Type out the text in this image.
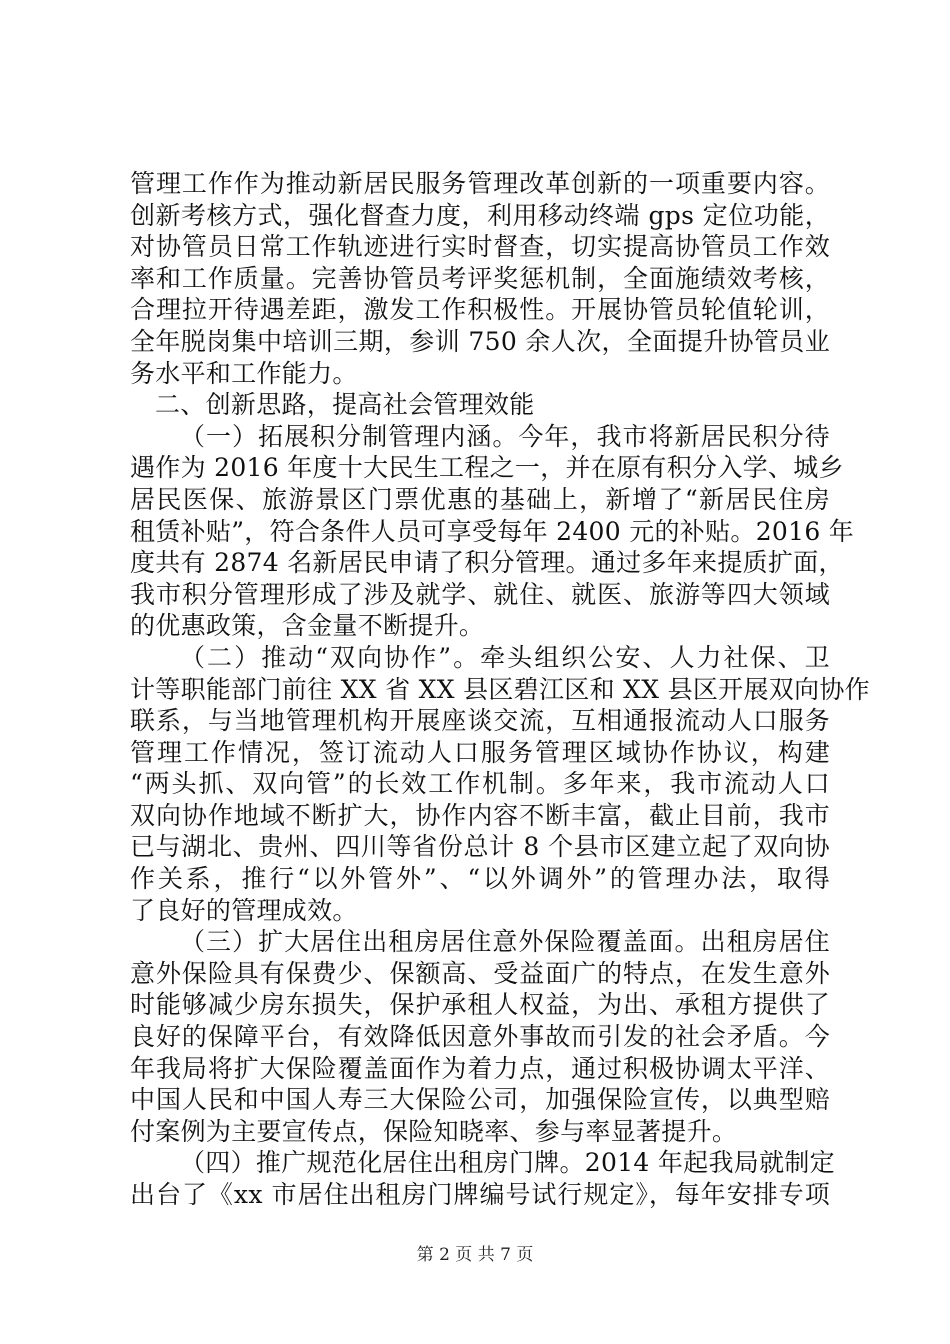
管理工作作为推动新居民服务管理改革创新的一项重要内容。
创新考核方式，强化督查力度，利用移动终端 gps 定位功能，
对协管员日常工作轨迹进行实时督查，切实提高协管员工作效
率和工作质量。完善协管员考评奖惩机制，全面施绩效考核，
合理拉开待遇差距，激发工作积极性。开展协管员轮值轮训，
全年脱岗集中培训三期，参训 750 余人次，全面提升协管员业
务水平和工作能力。
二、创新思路，提高社会管理效能
（一）拓展积分制管理内涵。今年，我市将新居民积分待
遇作为 2016 年度十大民生工程之一，并在原有积分入学、城乡
居民医保、旅游景区门票优惠的基础上，新增了“新居民住房
租赁补贴”，符合条件人员可享受每年 2400 元的补贴。2016 年
度共有 2874 名新居民申请了积分管理。通过多年来提质扩面，
我市积分管理形成了涉及就学、就住、就医、旅游等四大领域
的优惠政策，含金量不断提升。
（二）推动“双向协作”。牵头组织公安、人力社保、卫
计等职能部门前往 XX 省 XX 县区碧江区和 XX 县区开展双向协作
联系，与当地管理机构开展座谈交流，互相通报流动人口服务
管理工作情况，签订流动人口服务管理区域协作协议，构建
“两头抓、双向管”的长效工作机制。多年来，我市流动人口
双向协作地域不断扩大，协作内容不断丰富，截止目前，我市
已与湖北、贵州、四川等省份总计 8 个县市区建立起了双向协
作关系，推行“以外管外”、“以外调外”的管理办法，取得
了良好的管理成效。
（三）扩大居住出租房居住意外保险覆盖面。出租房居住
意外保险具有保费少、保额高、受益面广的特点，在发生意外
时能够减少房东损失，保护承租人权益，为出、承租方提供了
良好的保障平台，有效降低因意外事故而引发的社会矛盾。今
年我局将扩大保险覆盖面作为着力点，通过积极协调太平洋、
中国人民和中国人寿三大保险公司，加强保险宣传，以典型赔
付案例为主要宣传点，保险知晓率、参与率显著提升。
（四）推广规范化居住出租房门牌。2014 年起我局就制定
出台了《xx 市居住出租房门牌编号试行规定》，每年安排专项
第 2 页 共 7 页
